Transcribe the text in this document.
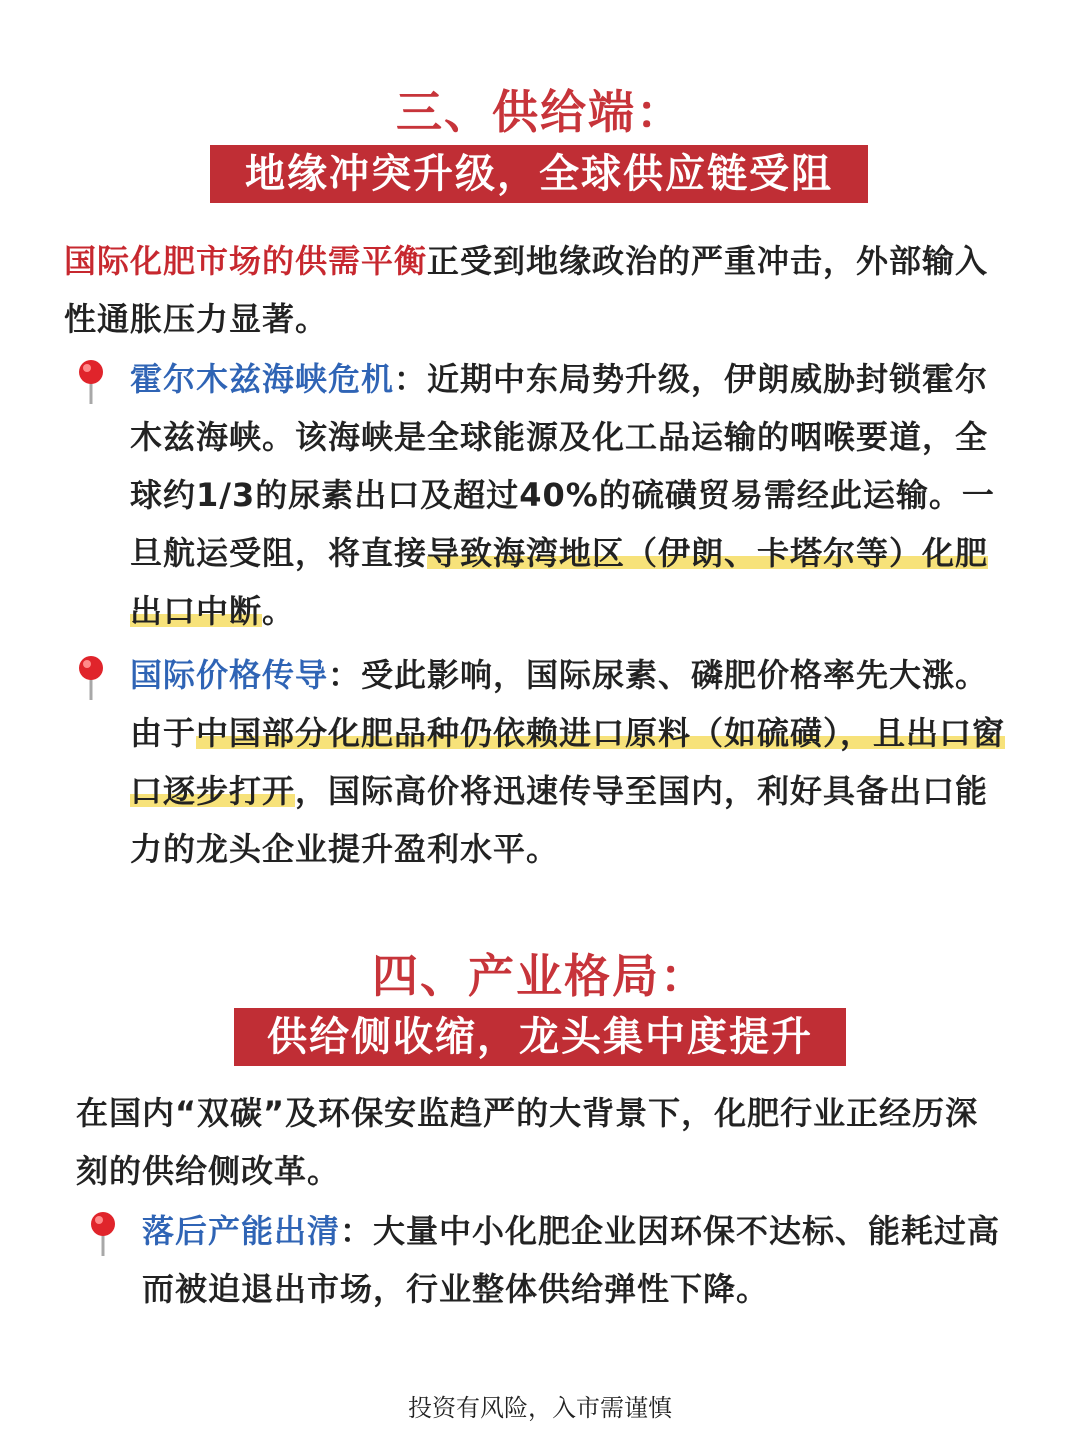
三、供给端：
地缘冲突升级，全球供应链受阻
国际化肥市场的供需平衡正受到地缘政治的严重冲击，外部输入性通胀压力显著。
霍尔木兹海峡危机：近期中东局势升级，伊朗威胁封锁霍尔木兹海峡。该海峡是全球能源及化工品运输的咽喉要道，全球约1/3的尿素出口及超过40%的硫磺贸易需经此运输。一旦航运受阻，将直接导致海湾地区（伊朗、卡塔尔等）化肥出口中断。
国际价格传导：受此影响，国际尿素、磷肥价格率先大涨。由于中国部分化肥品种仍依赖进口原料（如硫磺），且出口窗口逐步打开，国际高价将迅速传导至国内，利好具备出口能力的龙头企业提升盈利水平。
四、产业格局：
供给侧收缩，龙头集中度提升
在国内“双碳”及环保安监趋严的大背景下，化肥行业正经历深刻的供给侧改革。
落后产能出清：大量中小化肥企业因环保不达标、能耗过高而被迫退出市场，行业整体供给弹性下降。
投资有风险，入市需谨慎
